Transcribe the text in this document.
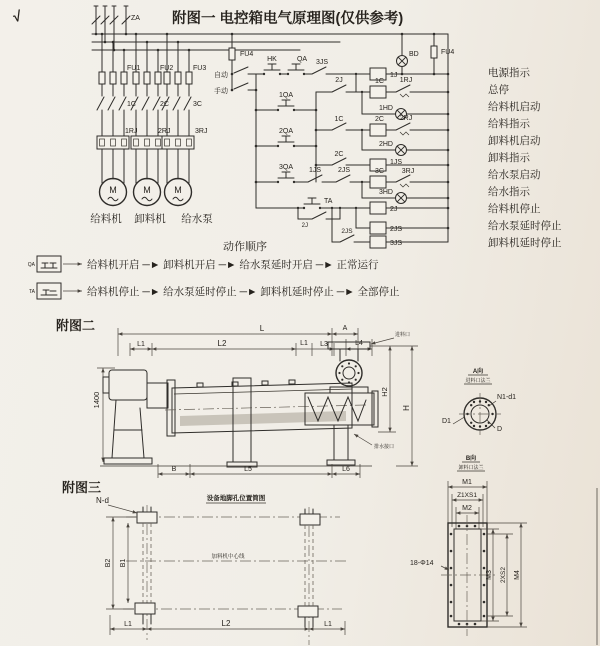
√	附图一 电控箱电气原理图(仅供参考)
ZA
FU1
1C
1RJ
M
给料机
FU2
2C
2RJ
M
卸料机
FU3
3C
3RJ
M
给水泵
FU4
自动
手动
HK	QA 3JS
1J
BD	FU4
2J	1C 1RJ
1QA
1HD
1C	2C 2RJ
2QA
2HD
2C
1JS
3QA 1JS 2JS	3C	3RJ
3HD
TA
2J
2J	2JS
2JS
3JS
电源指示
总停
给料机启动
给料指示
卸料机启动
卸料指示
给水泵启动
给水指示
给料机停止
给水泵延时停止
卸料机延时停止
动作顺序
QA	给料机开启 ─► 卸料机开启 ─► 给水泵延时开启 ─► 正常运行
TA	给料机停止 ─► 给水泵延时停止 ─► 卸料机延时停止 ─► 全部停止
附图二	L	A
L1	L2	L1 L3	L4
1400
进料口
排水接口
H2
H
B	L5	L6
A向
进料口法兰
N1-d1
D1
D
B向
卸料口法兰
附图三
N-d	设备地脚孔位置简图
加料机中心线
B2 B1
L1	L2	L1
M1
Z1XS1
M2
M3 2XS2 M4
18-Φ14
